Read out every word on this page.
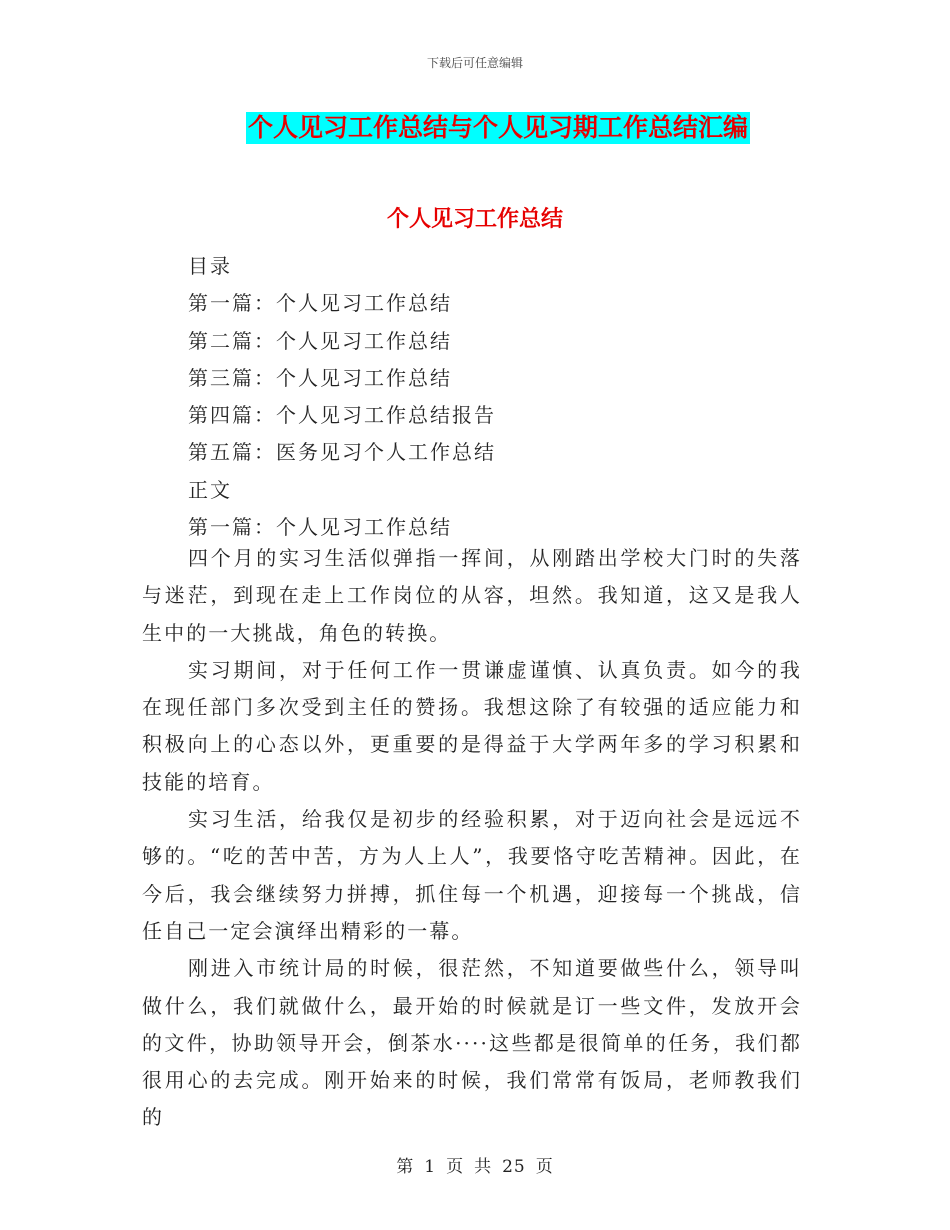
下载后可任意编辑
个人见习工作总结与个人见习期工作总结汇编
个人见习工作总结
目录
第一篇：个人见习工作总结
第二篇：个人见习工作总结
第三篇：个人见习工作总结
第四篇：个人见习工作总结报告
第五篇：医务见习个人工作总结
正文
第一篇：个人见习工作总结

四个月的实习生活似弹指一挥间，从刚踏出学校大门时的失落与迷茫，到现在走上工作岗位的从容，坦然。我知道，这又是我人生中的一大挑战，角色的转换。

实习期间，对于任何工作一贯谦虚谨慎、认真负责。如今的我在现任部门多次受到主任的赞扬。我想这除了有较强的适应能力和积极向上的心态以外，更重要的是得益于大学两年多的学习积累和技能的培育。

实习生活，给我仅是初步的经验积累，对于迈向社会是远远不够的。“吃的苦中苦，方为人上人”，我要恪守吃苦精神。因此，在今后，我会继续努力拼搏，抓住每一个机遇，迎接每一个挑战，信任自己一定会演绎出精彩的一幕。

刚进入市统计局的时候，很茫然，不知道要做些什么，领导叫做什么，我们就做什么，最开始的时候就是订一些文件，发放开会的文件，协助领导开会，倒茶水····这些都是很简单的任务，我们都很用心的去完成。刚开始来的时候，我们常常有饭局，老师教我们的

第 1 页 共 25 页
